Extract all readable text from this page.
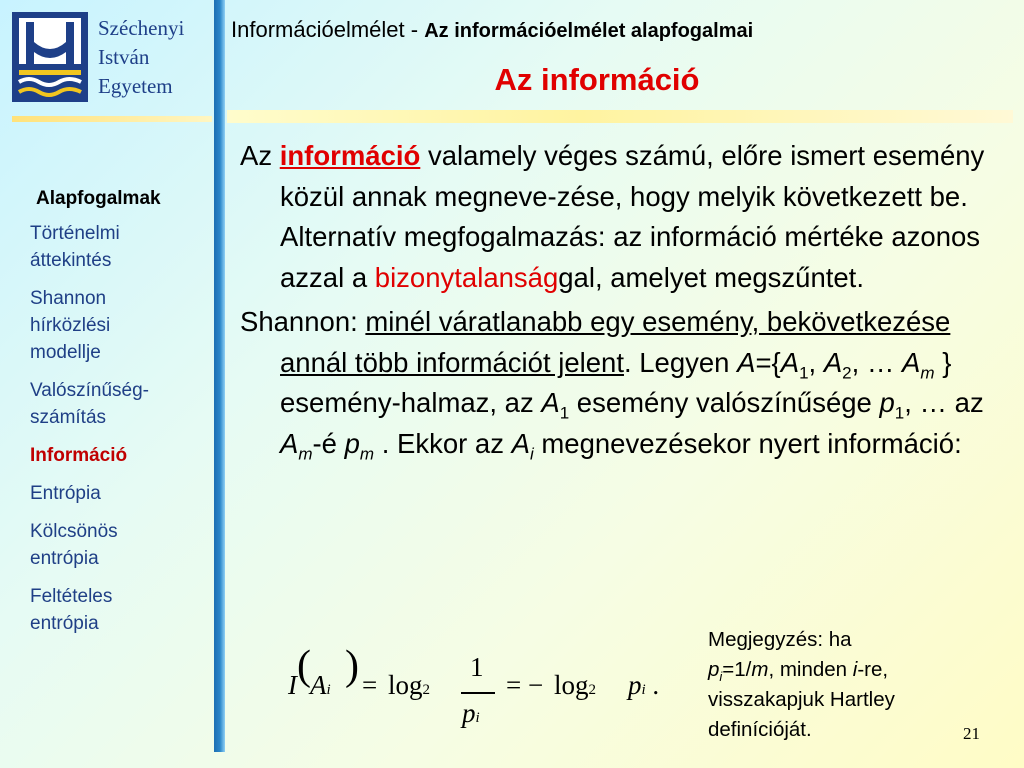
Széchenyi
István
Egyetem
Információelmélet - Az információelmélet alapfogalmai
Az információ
Alapfogalmak
Történelmi
áttekintés
Shannon
hírközlési
modellje
Valószínűség-
számítás
Információ
Entrópia
Kölcsönös
entrópia
Feltételes
entrópia

Az információ valamely véges számú, előre ismert esemény közül annak megneve-zése, hogy melyik következett be. Alternatív megfogalmazás: az információ mértéke azonos azzal a bizonytalansággal, amelyet megszűntet.

Shannon: minél váratlanabb egy esemény, bekövetkezése annál több információt jelent. Legyen $A=\{A_1$, $A_2$, … $A_m$ } esemény-halmaz, az $A_1$ esemény valószínűsége $p_1$, … az $A_m-é$ $p_m$ . Ekkor az $A_i$ megnevezésekor nyert információ:

I ( Ai
) = log2
1
pi
= − log2 pi .
Megjegyzés: ha
$p_i=1/m$, minden i-re,
visszakapjuk Hartley
definícióját.	21
